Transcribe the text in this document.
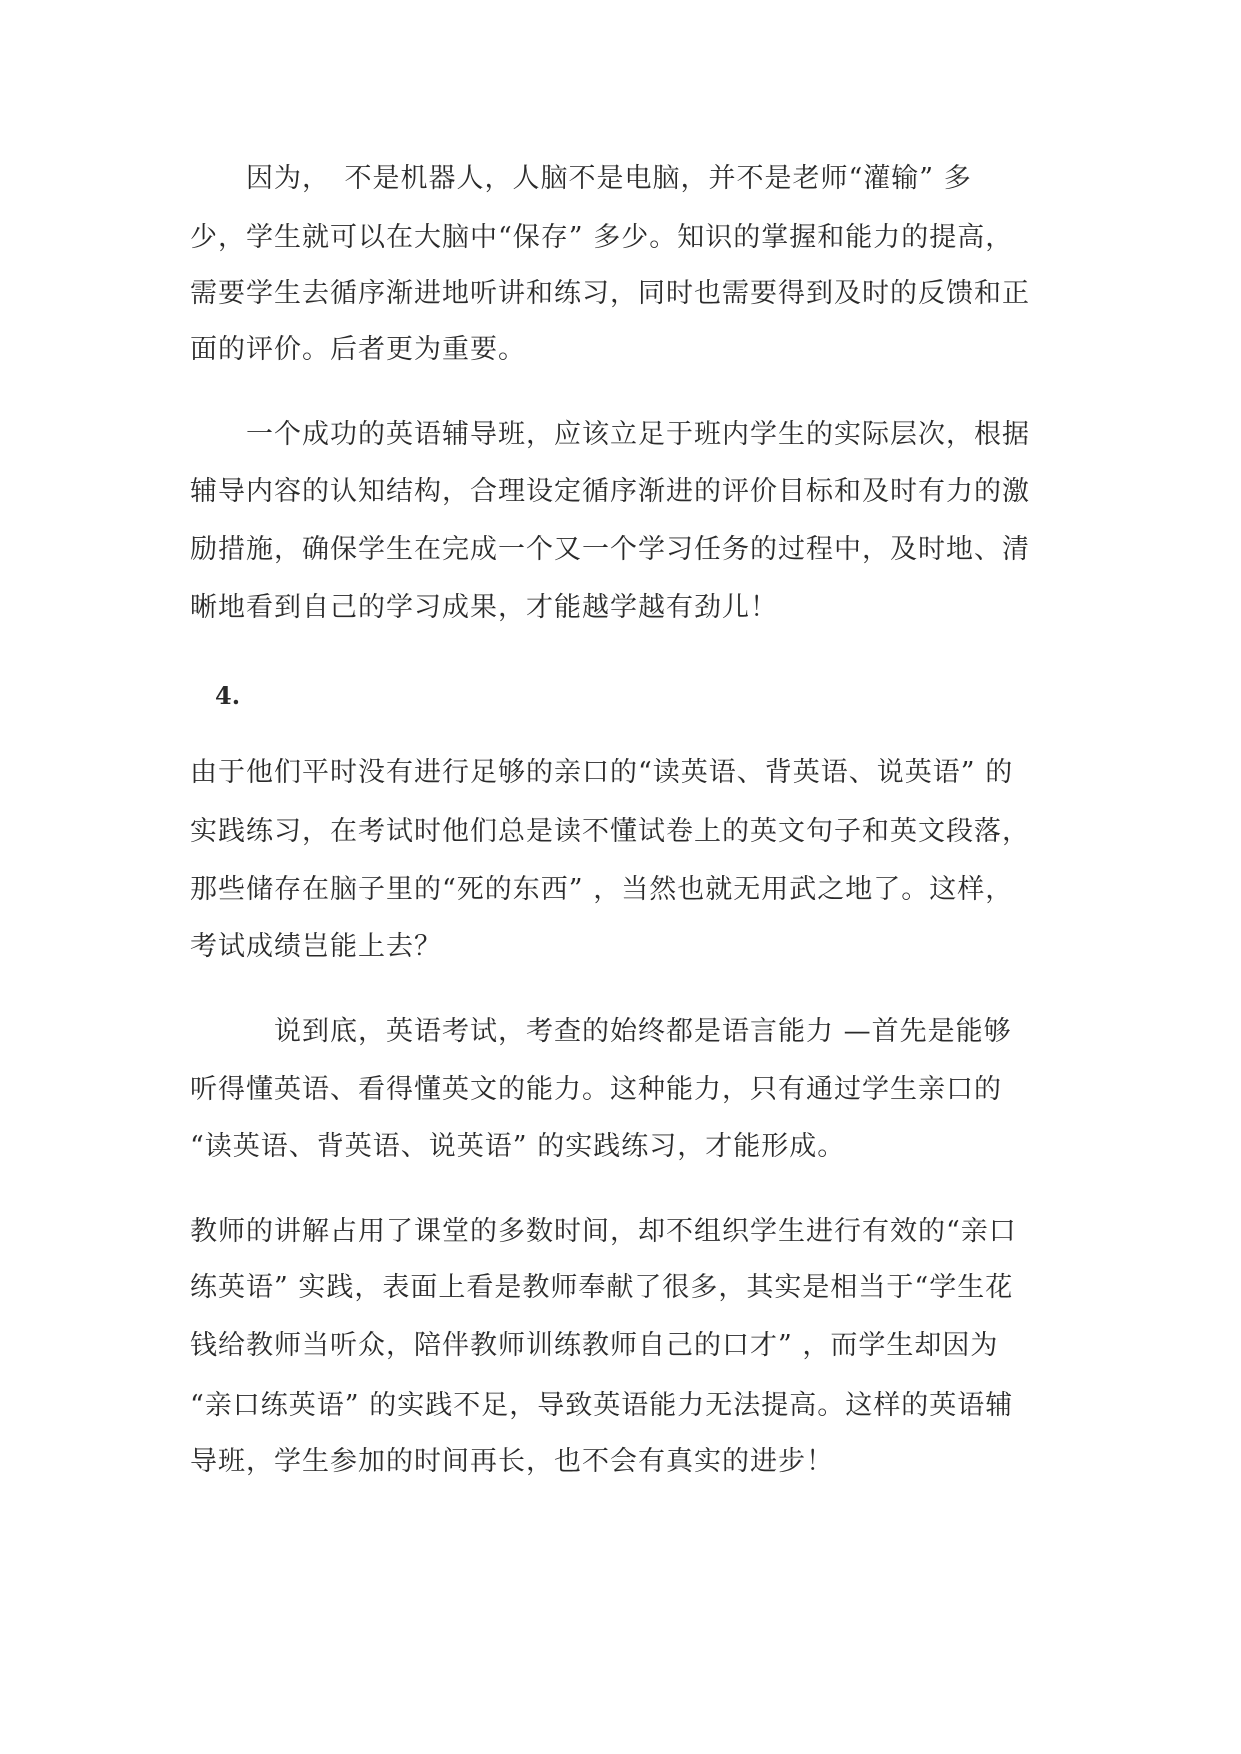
　　因为，　不是机器人，人脑不是电脑，并不是老师“灌输” 多

少，学生就可以在大脑中“保存” 多少。知识的掌握和能力的提高，

需要学生去循序渐进地听讲和练习，同时也需要得到及时的反馈和正

面的评价。后者更为重要。

　　一个成功的英语辅导班，应该立足于班内学生的实际层次，根据

辅导内容的认知结构，合理设定循序渐进的评价目标和及时有力的激

励措施，确保学生在完成一个又一个学习任务的过程中，及时地、清

晰地看到自己的学习成果，才能越学越有劲儿！

4.

由于他们平时没有进行足够的亲口的“读英语、背英语、说英语” 的

实践练习，在考试时他们总是读不懂试卷上的英文句子和英文段落，

那些储存在脑子里的“死的东西” ，当然也就无用武之地了。这样，

考试成绩岂能上去？

　　　说到底，英语考试，考查的始终都是语言能力 —首先是能够

听得懂英语、看得懂英文的能力。这种能力，只有通过学生亲口的

“读英语、背英语、说英语” 的实践练习，才能形成。

教师的讲解占用了课堂的多数时间，却不组织学生进行有效的“亲口

练英语” 实践，表面上看是教师奉献了很多，其实是相当于“学生花

钱给教师当听众，陪伴教师训练教师自己的口才” ，而学生却因为

“亲口练英语” 的实践不足，导致英语能力无法提高。这样的英语辅

导班，学生参加的时间再长，也不会有真实的进步！
